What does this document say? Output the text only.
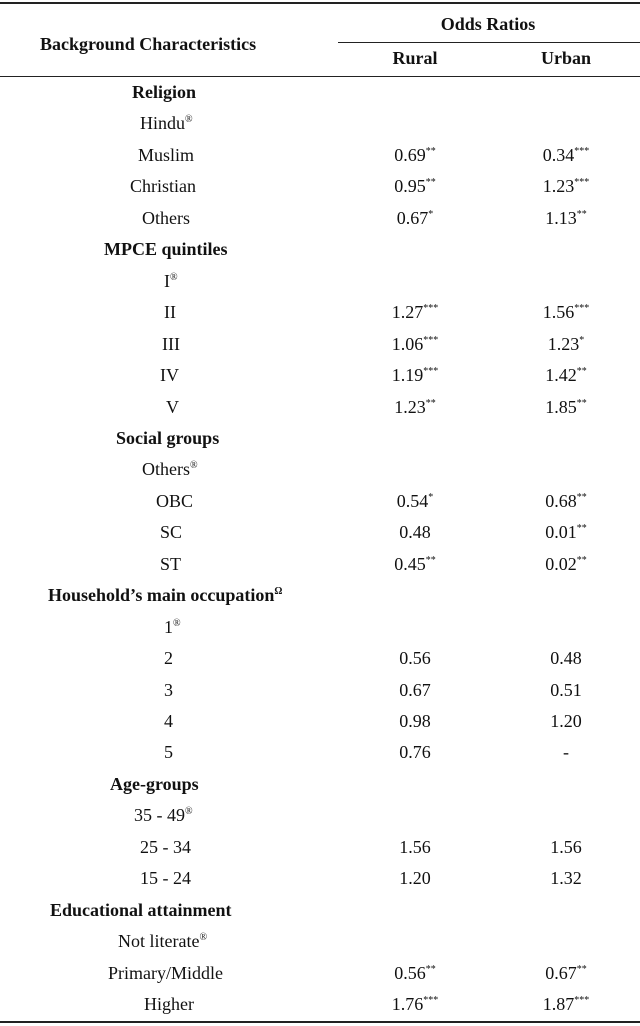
Background Characteristics
Odds Ratios
Rural	Urban
Religion
Hindu®
Muslim	0.69**	0.34***
Christian	0.95**	1.23***
Others	0.67*	1.13**
MPCE quintiles
I®
II	1.27***	1.56***
III	1.06***	1.23*
IV	1.19***	1.42**
V	1.23**	1.85**
Social groups
Others®
OBC	0.54*	0.68**
SC	0.48	0.01**
ST	0.45**	0.02**
Household’s main occupation$^\Omega$
1®
2	0.56	0.48
3	0.67	0.51
4	0.98	1.20
5	0.76	-
Age-groups
35 - 49®
25 - 34	1.56	1.56
15 - 24	1.20	1.32
Educational attainment
Not literate®
Primary/Middle	0.56**	0.67**
Higher	1.76***	1.87***
